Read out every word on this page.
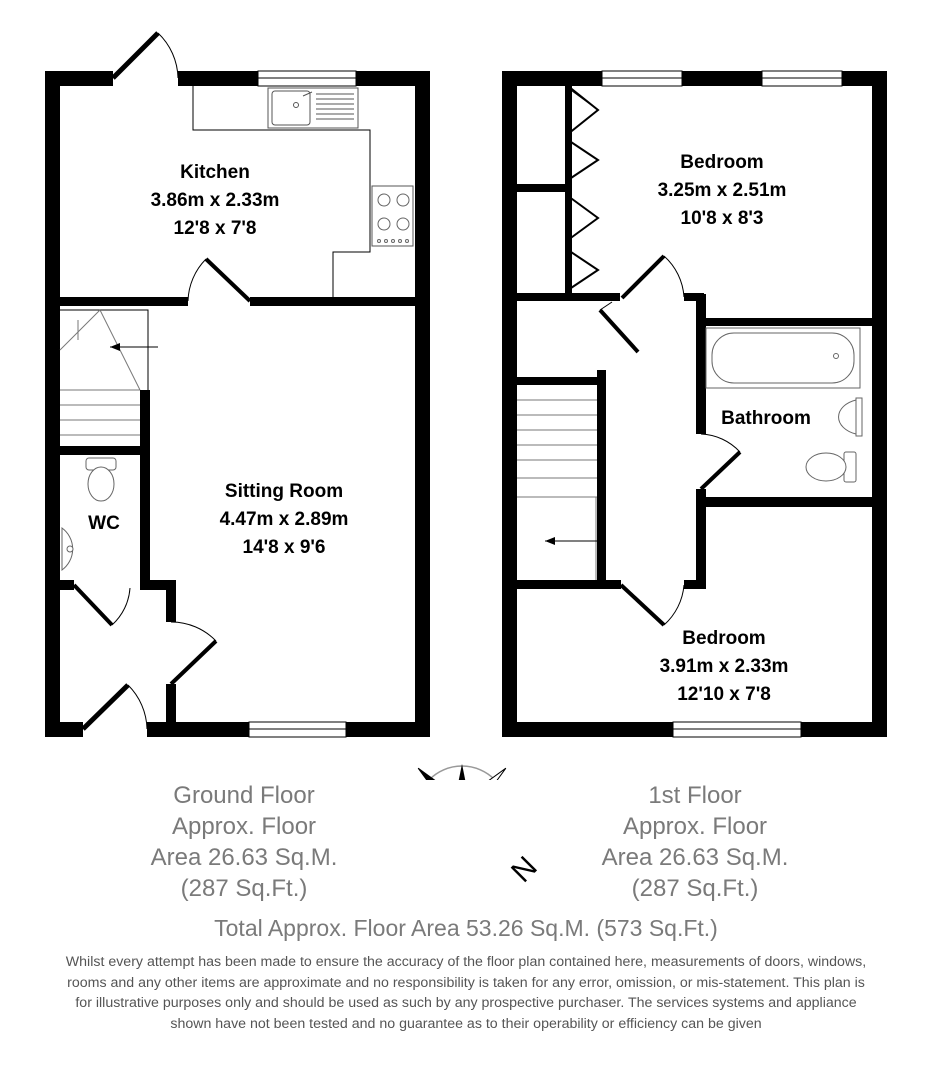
Kitchen
3.86m x 2.33m
12'8 x 7'8
Sitting Room
4.47m x 2.89m
14'8 x 9'6
WC
Bedroom
3.25m x 2.51m
10'8 x 8'3
Bathroom
Bedroom
3.91m x 2.33m
12'10 x 7'8
N
Ground Floor
Approx. Floor
Area 26.63 Sq.M.
(287 Sq.Ft.)
1st Floor
Approx. Floor
Area 26.63 Sq.M.
(287 Sq.Ft.)
Total Approx. Floor Area 53.26 Sq.M. (573 Sq.Ft.)
Whilst every attempt has been made to ensure the accuracy of the floor plan contained here, measurements of doors, windows, rooms and any other items are approximate and no responsibility is taken for any error, omission, or mis-statement. This plan is for illustrative purposes only and should be used as such by any prospective purchaser. The services systems and appliance shown have not been tested and no guarantee as to their operability or efficiency can be given
